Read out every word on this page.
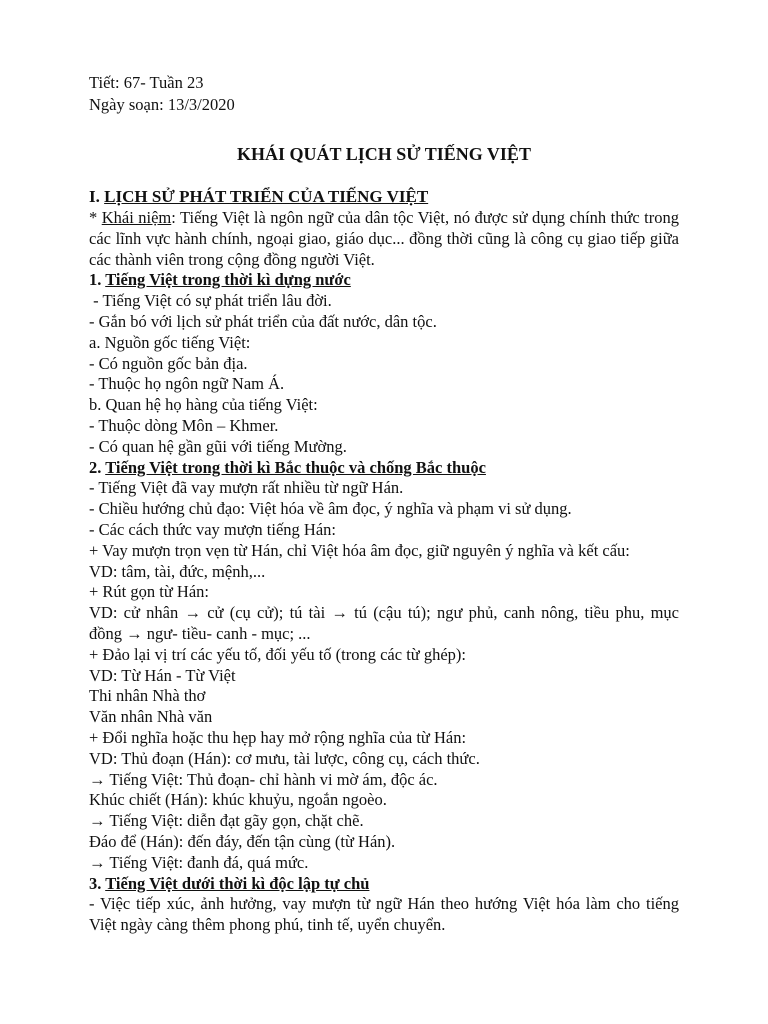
Tiết: 67- Tuần 23
Ngày soạn: 13/3/2020
KHÁI QUÁT LỊCH SỬ TIẾNG VIỆT
I. LỊCH SỬ PHÁT TRIỂN CỦA TIẾNG VIỆT
* Khái niệm: Tiếng Việt là ngôn ngữ của dân tộc Việt, nó được sử dụng chính thức trong các lĩnh vực hành chính, ngoại giao, giáo dục... đồng thời cũng là công cụ giao tiếp giữa các thành viên trong cộng đồng người Việt.
1. Tiếng Việt trong thời kì dựng nước
- Tiếng Việt có sự phát triển lâu đời.
- Gắn bó với lịch sử phát triển của đất nước, dân tộc.
a. Nguồn gốc tiếng Việt:
- Có nguồn gốc bản địa.
- Thuộc họ ngôn ngữ Nam Á.
b. Quan hệ họ hàng của tiếng Việt:
- Thuộc dòng Môn – Khmer.
- Có quan hệ gần gũi với tiếng Mường.
2. Tiếng Việt trong thời kì Bắc thuộc và chống Bắc thuộc
- Tiếng Việt đã vay mượn rất nhiều từ ngữ Hán.
- Chiều hướng chủ đạo: Việt hóa về âm đọc, ý nghĩa và phạm vi sử dụng.
- Các cách thức vay mượn tiếng Hán:
+ Vay mượn trọn vẹn từ Hán, chỉ Việt hóa âm đọc, giữ nguyên ý nghĩa và kết cấu:
VD: tâm, tài, đức, mệnh,...
+ Rút gọn từ Hán:
VD: cử nhân → cử (cụ cử); tú tài → tú (cậu tú); ngư phủ, canh nông, tiều phu, mục
đồng → ngư- tiều- canh - mục; ...
+ Đảo lại vị trí các yếu tố, đối yếu tố (trong các từ ghép):
VD: Từ Hán - Từ Việt
Thi nhân Nhà thơ
Văn nhân Nhà văn
+ Đổi nghĩa hoặc thu hẹp hay mở rộng nghĩa của từ Hán:
VD: Thủ đoạn (Hán): cơ mưu, tài lược, công cụ, cách thức.
→ Tiếng Việt: Thủ đoạn- chỉ hành vi mờ ám, độc ác.
Khúc chiết (Hán): khúc khuỷu, ngoắn ngoèo.
→ Tiếng Việt: diễn đạt gãy gọn, chặt chẽ.
Đáo để (Hán): đến đáy, đến tận cùng (từ Hán).
→ Tiếng Việt: đanh đá, quá mức.
3. Tiếng Việt dưới thời kì độc lập tự chủ
- Việc tiếp xúc, ảnh hưởng, vay mượn từ ngữ Hán theo hướng Việt hóa làm cho tiếng Việt ngày càng thêm phong phú, tinh tế, uyển chuyển.
